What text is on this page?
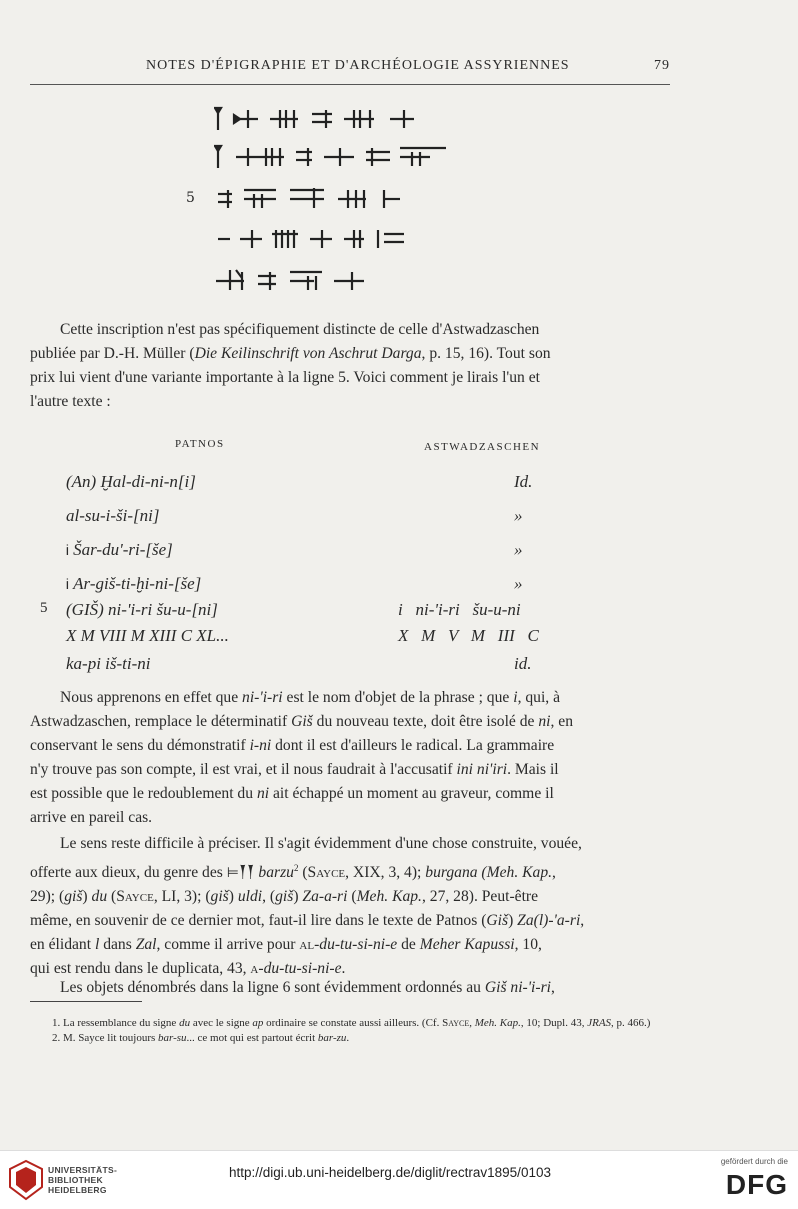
NOTES D'ÉPIGRAPHIE ET D'ARCHÉOLOGIE ASSYRIENNES	79
5

Cette inscription n'est pas spécifiquement distincte de celle d'Astwadzaschen
publiée par D.-H. Müller (Die Keilinschrift von Aschrut Darga, p. 15, 16). Tout son
prix lui vient d'une variante importante à la ligne 5. Voici comment je lirais l'un et
l'autre texte :

PATNOS	ASTWADZASCHEN
(An) Ḫal-di-ni-n[i]	Id.
al-su-i-ši-[ni]	»
Ꭵ Šar-du'-ri-[še]	»
Ꭵ Ar-giš-ti-ḫi-ni-[še]	»
5 (GIŠ) ni-'i-ri šu-u-[ni]	i   ni-'i-ri   šu-u-ni
X M VIII M XIII C XL...	X   M   V   M   III   C
ka-pi iš-ti-ni	id.

Nous apprenons en effet que ni-'i-ri est le nom d'objet de la phrase ; que i, qui, à
Astwadzaschen, remplace le déterminatif Giš du nouveau texte, doit être isolé de ni, en
conservant le sens du démonstratif i-ni dont il est d'ailleurs le radical. La grammaire
n'y trouve pas son compte, il est vrai, et il nous faudrait à l'accusatif ini ni'iri. Mais il
est possible que le redoublement du ni ait échappé un moment au graveur, comme il
arrive en pareil cas.

Le sens reste difficile à préciser. Il s'agit évidemment d'une chose construite, vouée,
offerte aux dieux, du genre des ⊨𒐕𒐕 barzu$^2$ (Sayce, XIX, 3, 4); burgana (Meh. Kap.,
29); (giš) du (Sayce, LI, 3); (giš) uldi, (giš) Za-a-ri (Meh. Kap., 27, 28). Peut-être
même, en souvenir de ce dernier mot, faut-il lire dans le texte de Patnos (Giš) Za(l)-'a-ri,
en élidant l dans Zal, comme il arrive pour al-du-tu-si-ni-e de Meher Kapussi, 10,
qui est rendu dans le duplicata, 43, a-du-tu-si-ni-e.

Les objets dénombrés dans la ligne 6 sont évidemment ordonnés au Giš ni-'i-ri,

1. La ressemblance du signe du avec le signe ap ordinaire se constate aussi ailleurs. (Cf. Sayce, Meh. Kap., 10; Dupl. 43, JRAS, p. 466.)

2. M. Sayce lit toujours bar-su... ce mot qui est partout écrit bar-zu.

UNIVERSITÄTS-
BIBLIOTHEK
HEIDELBERG
http://digi.ub.uni-heidelberg.de/diglit/rectrav1895/0103
gefördert durch die
DFG
